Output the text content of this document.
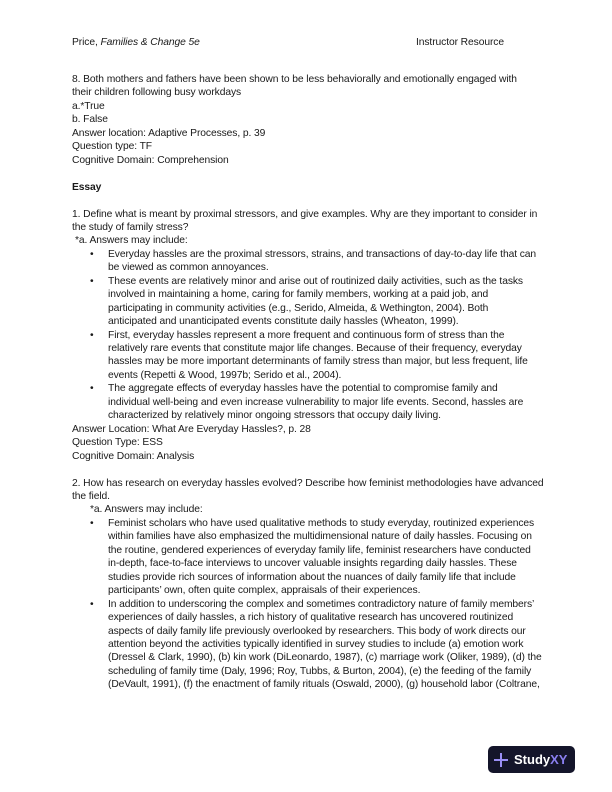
Price, Families & Change 5e	Instructor Resource
8. Both mothers and fathers have been shown to be less behaviorally and emotionally engaged with
their children following busy workdays
a.*True
b. False
Answer location: Adaptive Processes, p. 39
Question type: TF
Cognitive Domain: Comprehension
Essay
1. Define what is meant by proximal stressors, and give examples. Why are they important to consider in
the study of family stress?
*a. Answers may include:
• Everyday hassles are the proximal stressors, strains, and transactions of day-to-day life that can
be viewed as common annoyances.
• These events are relatively minor and arise out of routinized daily activities, such as the tasks
involved in maintaining a home, caring for family members, working at a paid job, and
participating in community activities (e.g., Serido, Almeida, & Wethington, 2004). Both
anticipated and unanticipated events constitute daily hassles (Wheaton, 1999).
• First, everyday hassles represent a more frequent and continuous form of stress than the
relatively rare events that constitute major life changes. Because of their frequency, everyday
hassles may be more important determinants of family stress than major, but less frequent, life
events (Repetti & Wood, 1997b; Serido et al., 2004).
• The aggregate effects of everyday hassles have the potential to compromise family and
individual well-being and even increase vulnerability to major life events. Second, hassles are
characterized by relatively minor ongoing stressors that occupy daily living.
Answer Location: What Are Everyday Hassles?, p. 28
Question Type: ESS
Cognitive Domain: Analysis
2. How has research on everyday hassles evolved? Describe how feminist methodologies have advanced
the field.
*a. Answers may include:
• Feminist scholars who have used qualitative methods to study everyday, routinized experiences
within families have also emphasized the multidimensional nature of daily hassles. Focusing on
the routine, gendered experiences of everyday family life, feminist researchers have conducted
in-depth, face-to-face interviews to uncover valuable insights regarding daily hassles. These
studies provide rich sources of information about the nuances of daily family life that include
participants’ own, often quite complex, appraisals of their experiences.
• In addition to underscoring the complex and sometimes contradictory nature of family members’
experiences of daily hassles, a rich history of qualitative research has uncovered routinized
aspects of daily family life previously overlooked by researchers. This body of work directs our
attention beyond the activities typically identified in survey studies to include (a) emotion work
(Dressel & Clark, 1990), (b) kin work (DiLeonardo, 1987), (c) marriage work (Oliker, 1989), (d) the
scheduling of family time (Daly, 1996; Roy, Tubbs, & Burton, 2004), (e) the feeding of the family
(DeVault, 1991), (f) the enactment of family rituals (Oswald, 2000), (g) household labor (Coltrane,
StudyXY
